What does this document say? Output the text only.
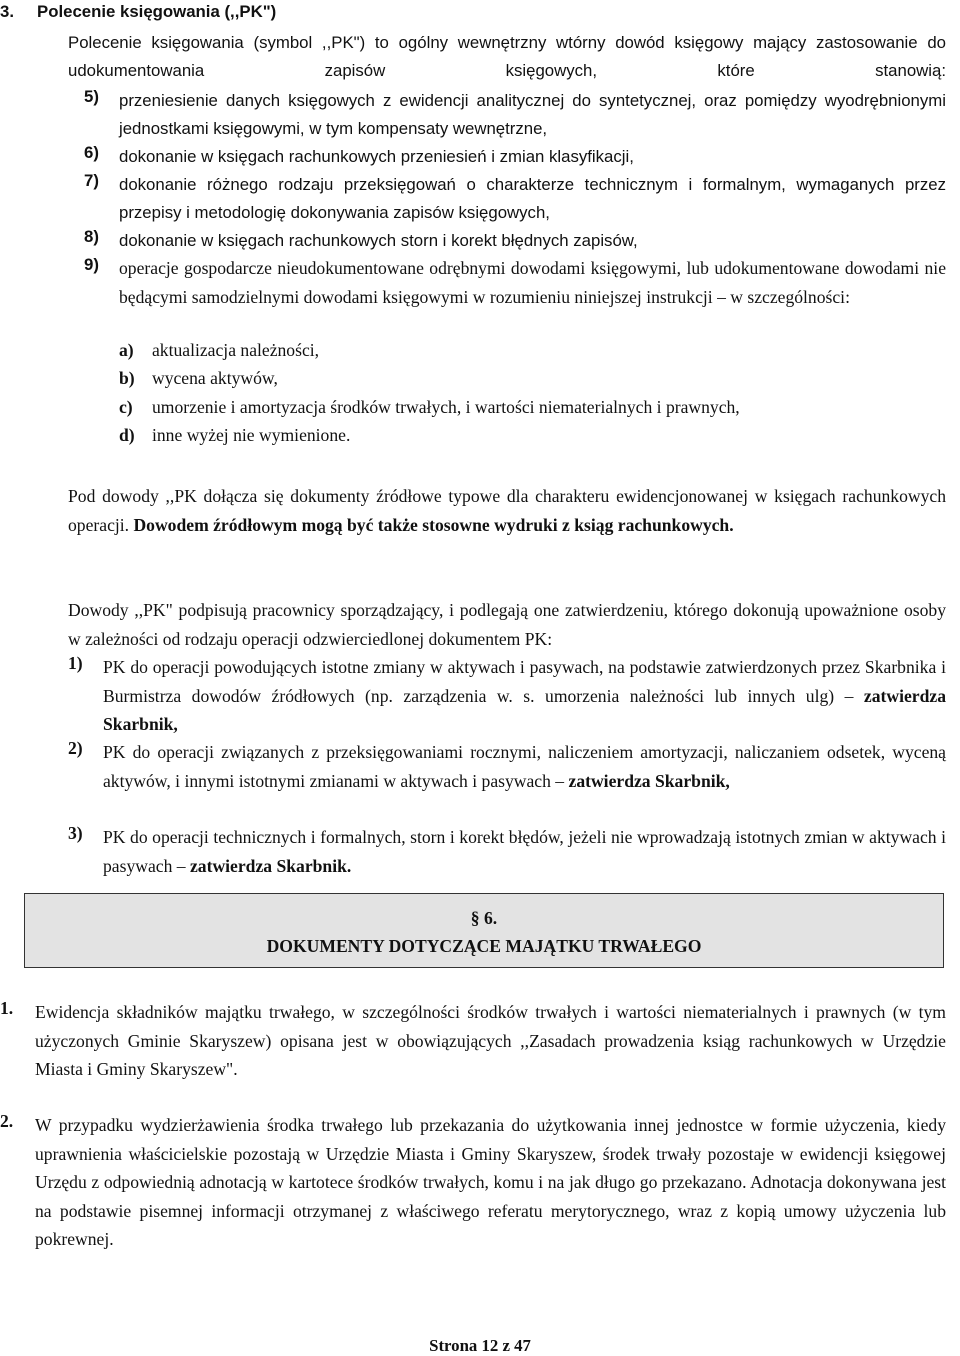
3. Polecenie księgowania (,,PK")

Polecenie księgowania (symbol ,,PK") to ogólny wewnętrzny wtórny dowód księgowy mający zastosowanie do udokumentowania zapisów księgowych, które stanowią:

5) przeniesienie danych księgowych z ewidencji analitycznej do syntetycznej, oraz pomiędzy wyodrębnionymi jednostkami księgowymi, w tym kompensaty wewnętrzne,

6) dokonanie w księgach rachunkowych przeniesień i zmian klasyfikacji,

7) dokonanie różnego rodzaju przeksięgowań o charakterze technicznym i formalnym, wymaganych przez przepisy i metodologię dokonywania zapisów księgowych,

8) dokonanie w księgach rachunkowych storn i korekt błędnych zapisów,

9) operacje gospodarcze nieudokumentowane odrębnymi dowodami księgowymi, lub udokumentowane dowodami nie będącymi samodzielnymi dowodami księgowymi w rozumieniu niniejszej instrukcji – w szczególności:

a) aktualizacja należności,
b) wycena aktywów,
c) umorzenie i amortyzacja środków trwałych, i wartości niematerialnych i prawnych,
d) inne wyżej nie wymienione.

Pod dowody ,,PK dołącza się dokumenty źródłowe typowe dla charakteru ewidencjonowanej w księgach rachunkowych operacji. Dowodem źródłowym mogą być także stosowne wydruki z ksiąg rachunkowych.

Dowody ,,PK" podpisują pracownicy sporządzający, i podlegają one zatwierdzeniu, którego dokonują upoważnione osoby w zależności od rodzaju operacji odzwierciedlonej dokumentem PK:

1) PK do operacji powodujących istotne zmiany w aktywach i pasywach, na podstawie zatwierdzonych przez Skarbnika i Burmistrza dowodów źródłowych (np. zarządzenia w. s. umorzenia należności lub innych ulg) – zatwierdza Skarbnik,

2) PK do operacji związanych z przeksięgowaniami rocznymi, naliczeniem amortyzacji, naliczaniem odsetek, wyceną aktywów, i innymi istotnymi zmianami w aktywach i pasywach – zatwierdza Skarbnik,

3) PK do operacji technicznych i formalnych, storn i korekt błędów, jeżeli nie wprowadzają istotnych zmian w aktywach i pasywach – zatwierdza Skarbnik.

§ 6.
DOKUMENTY DOTYCZĄCE MAJĄTKU TRWAŁEGO
1. Ewidencja składników majątku trwałego, w szczególności środków trwałych i wartości niematerialnych i prawnych (w tym użyczonych Gminie Skaryszew) opisana jest w obowiązujących ,,Zasadach prowadzenia ksiąg rachunkowych w Urzędzie Miasta i Gminy Skaryszew".

2. W przypadku wydzierżawienia środka trwałego lub przekazania do użytkowania innej jednostce w formie użyczenia, kiedy uprawnienia właścicielskie pozostają w Urzędzie Miasta i Gminy Skaryszew, środek trwały pozostaje w ewidencji księgowej Urzędu z odpowiednią adnotacją w kartotece środków trwałych, komu i na jak długo go przekazano. Adnotacja dokonywana jest na podstawie pisemnej informacji otrzymanej z właściwego referatu merytorycznego, wraz z kopią umowy użyczenia lub pokrewnej.

Strona 12 z 47
